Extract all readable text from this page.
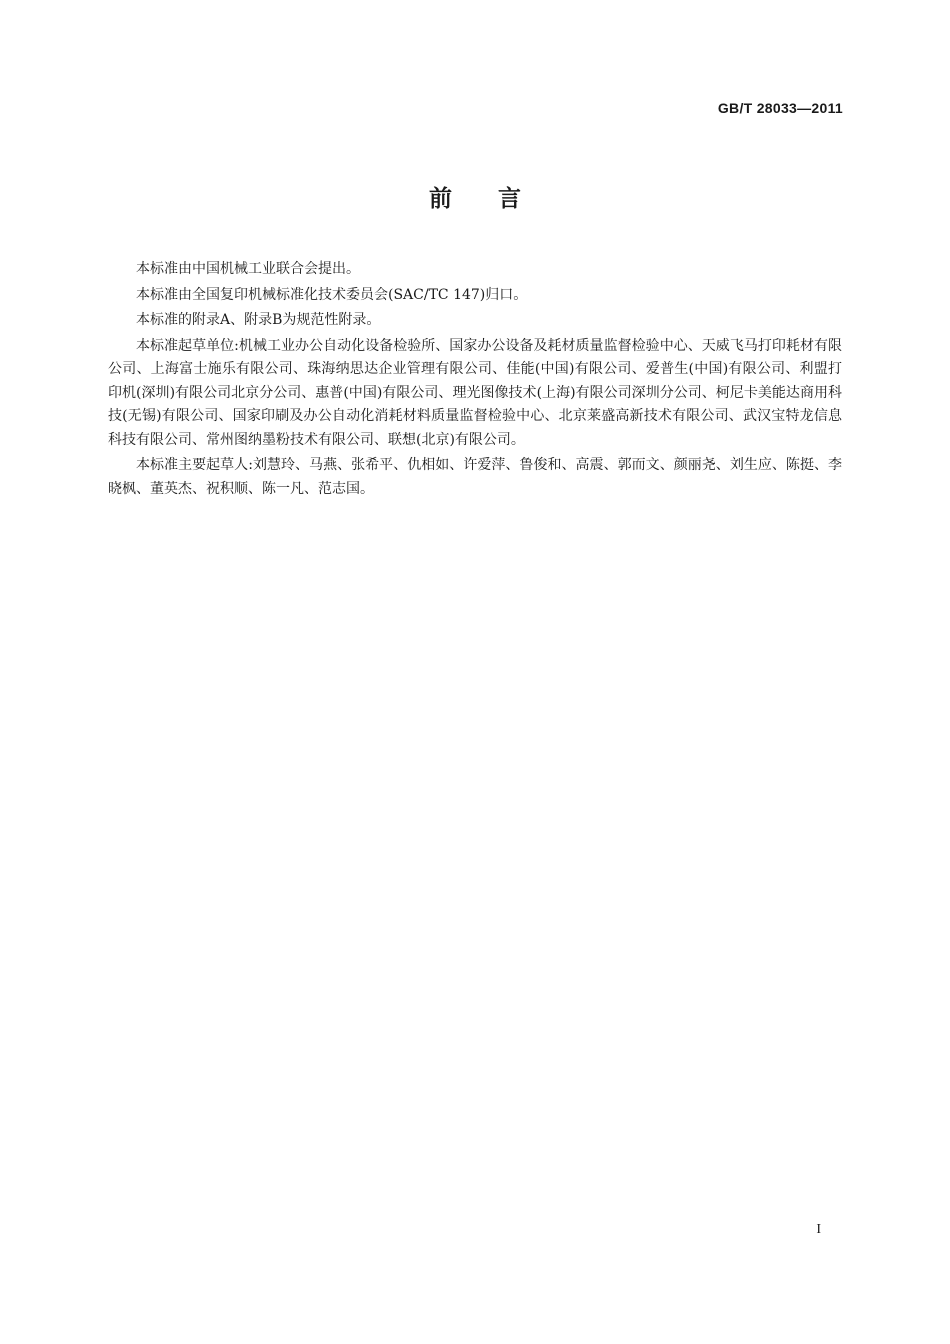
GB/T 28033—2011
前言

本标准由中国机械工业联合会提出。

本标准由全国复印机械标准化技术委员会(SAC/TC 147)归口。

本标准的附录A、附录B为规范性附录。

本标准起草单位:机械工业办公自动化设备检验所、国家办公设备及耗材质量监督检验中心、天威飞马打印耗材有限公司、上海富士施乐有限公司、珠海纳思达企业管理有限公司、佳能(中国)有限公司、爱普生(中国)有限公司、利盟打印机(深圳)有限公司北京分公司、惠普(中国)有限公司、理光图像技术(上海)有限公司深圳分公司、柯尼卡美能达商用科技(无锡)有限公司、国家印刷及办公自动化消耗材料质量监督检验中心、北京莱盛高新技术有限公司、武汉宝特龙信息科技有限公司、常州图纳墨粉技术有限公司、联想(北京)有限公司。

本标准主要起草人:刘慧玲、马燕、张希平、仇相如、许爱萍、鲁俊和、高震、郭而文、颜丽尧、刘生应、陈挺、李晓枫、董英杰、祝积顺、陈一凡、范志国。

I
